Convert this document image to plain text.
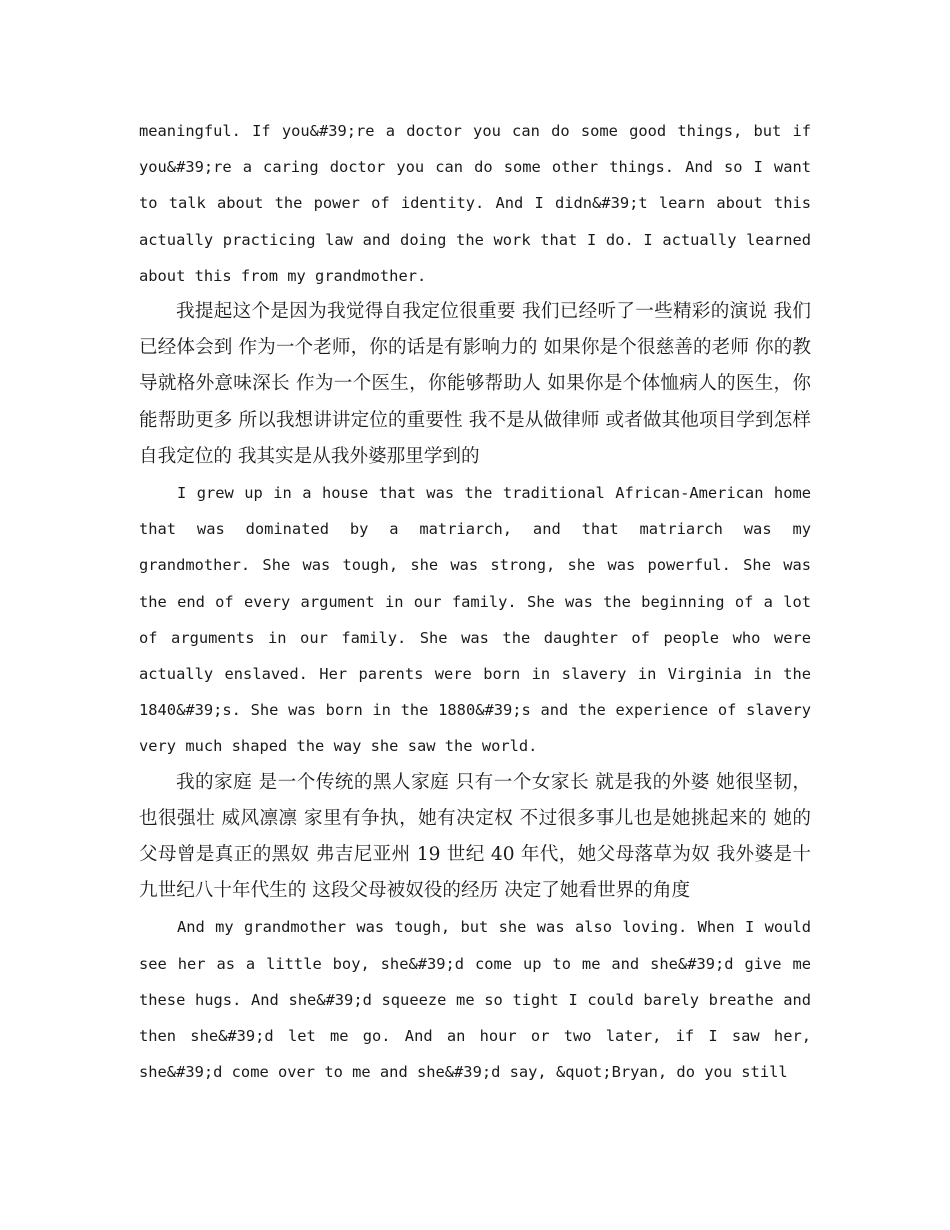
meaningful. If you&#39;re a doctor you can do some good things, but if you&#39;re a caring doctor you can do some other things. And so I want to talk about the power of identity. And I didn&#39;t learn about this actually practicing law and doing the work that I do. I actually learned about this from my grandmother.

我提起这个是因为我觉得自我定位很重要 我们已经听了一些精彩的演说 我们已经体会到 作为一个老师，你的话是有影响力的 如果你是个很慈善的老师 你的教导就格外意味深长 作为一个医生，你能够帮助人 如果你是个体恤病人的医生，你能帮助更多 所以我想讲讲定位的重要性 我不是从做律师 或者做其他项目学到怎样自我定位的 我其实是从我外婆那里学到的

I grew up in a house that was the traditional African-American home that was dominated by a matriarch, and that matriarch was my grandmother. She was tough, she was strong, she was powerful. She was the end of every argument in our family. She was the beginning of a lot of arguments in our family. She was the daughter of people who were actually enslaved. Her parents were born in slavery in Virginia in the 1840&#39;s. She was born in the 1880&#39;s and the experience of slavery very much shaped the way she saw the world.

我的家庭 是一个传统的黑人家庭 只有一个女家长 就是我的外婆 她很坚韧，也很强壮 威风凛凛 家里有争执，她有决定权 不过很多事儿也是她挑起来的 她的父母曾是真正的黑奴 弗吉尼亚州 19 世纪 40 年代，她父母落草为奴 我外婆是十九世纪八十年代生的 这段父母被奴役的经历 决定了她看世界的角度

And my grandmother was tough, but she was also loving. When I would see her as a little boy, she&#39;d come up to me and she&#39;d give me these hugs. And she&#39;d squeeze me so tight I could barely breathe and then she&#39;d let me go. And an hour or two later, if I saw her, she&#39;d come over to me and she&#39;d say, &quot;Bryan, do you still
